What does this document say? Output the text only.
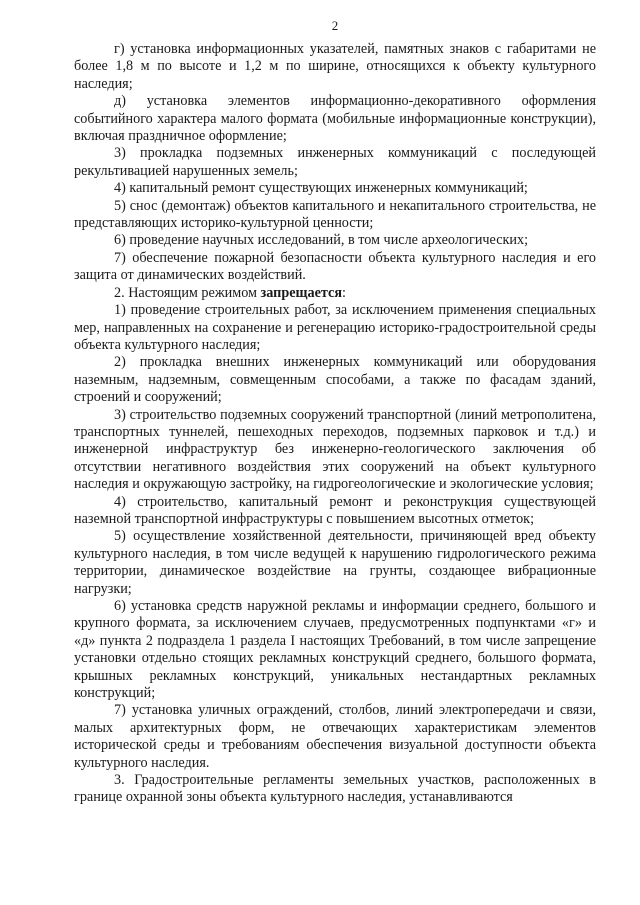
2

г) установка информационных указателей, памятных знаков с габаритами не более 1,8 м по высоте и 1,2 м по ширине, относящихся к объекту культурного наследия;

д) установка элементов информационно-декоративного оформления событийного характера малого формата (мобильные информационные конструкции), включая праздничное оформление;

3) прокладка подземных инженерных коммуникаций с последующей рекультивацией нарушенных земель;

4) капитальный ремонт существующих инженерных коммуникаций;

5) снос (демонтаж) объектов капитального и некапитального строительства, не представляющих историко-культурной ценности;

6) проведение научных исследований, в том числе археологических;

7) обеспечение пожарной безопасности объекта культурного наследия и его защита от динамических воздействий.

2. Настоящим режимом запрещается:

1) проведение строительных работ, за исключением применения специальных мер, направленных на сохранение и регенерацию историко-градостроительной среды объекта культурного наследия;

2) прокладка внешних инженерных коммуникаций или оборудования наземным, надземным, совмещенным способами, а также по фасадам зданий, строений и сооружений;

3) строительство подземных сооружений транспортной (линий метрополитена, транспортных туннелей, пешеходных переходов, подземных парковок и т.д.) и инженерной инфраструктур без инженерно-геологического заключения об отсутствии негативного воздействия этих сооружений на объект культурного наследия и окружающую застройку, на гидрогеологические и экологические условия;

4) строительство, капитальный ремонт и реконструкция существующей наземной транспортной инфраструктуры с повышением высотных отметок;

5) осуществление хозяйственной деятельности, причиняющей вред объекту культурного наследия, в том числе ведущей к нарушению гидрологического режима территории, динамическое воздействие на грунты, создающее вибрационные нагрузки;

6) установка средств наружной рекламы и информации среднего, большого и крупного формата, за исключением случаев, предусмотренных подпунктами «г» и «д» пункта 2 подраздела 1 раздела I настоящих Требований, в том числе запрещение установки отдельно стоящих рекламных конструкций среднего, большого формата, крышных рекламных конструкций, уникальных нестандартных рекламных конструкций;

7) установка уличных ограждений, столбов, линий электропередачи и связи, малых архитектурных форм, не отвечающих характеристикам элементов исторической среды и требованиям обеспечения визуальной доступности объекта культурного наследия.

3. Градостроительные регламенты земельных участков, расположенных в границе охранной зоны объекта культурного наследия, устанавливаются
